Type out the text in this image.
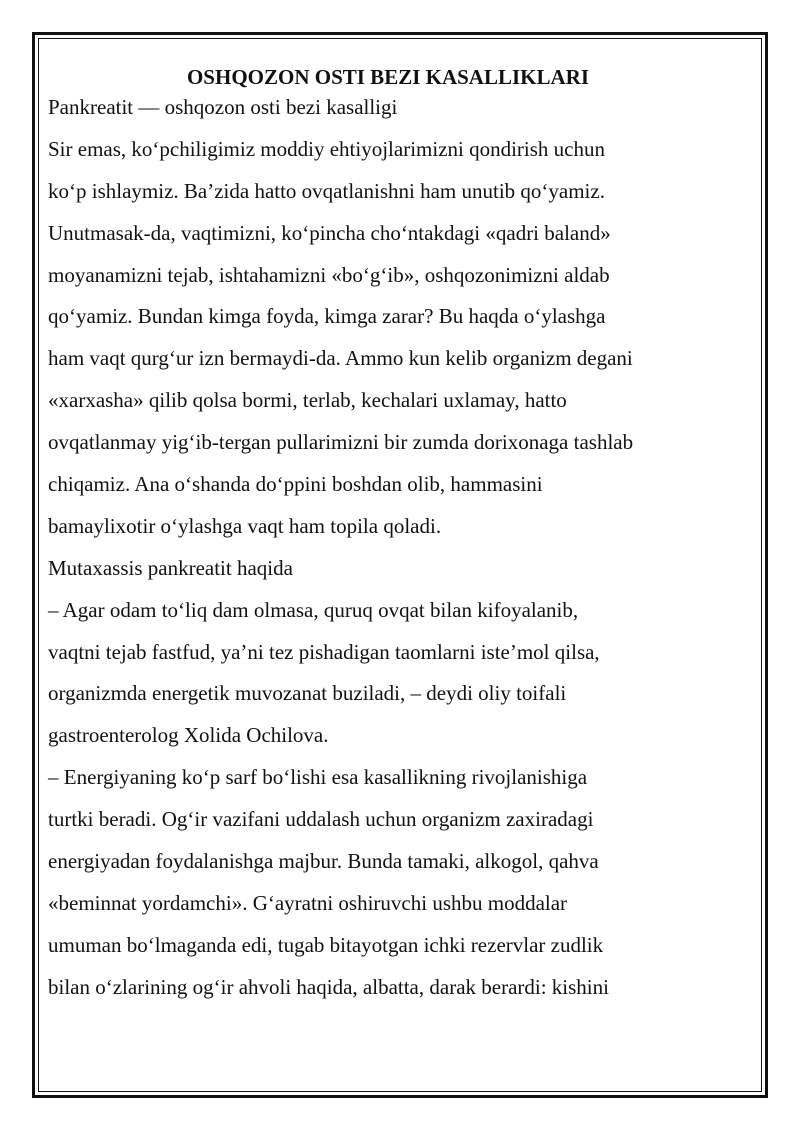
OSHQOZON OSTI BEZI KASALLIKLARI

Pankreatit — oshqozon osti bezi kasalligi

Sir emas, ko‘pchiligimiz moddiy ehtiyojlarimizni qondirish uchun

ko‘p ishlaymiz. Ba’zida hatto ovqatlanishni ham unutib qo‘yamiz.

Unutmasak-da, vaqtimizni, ko‘pincha cho‘ntakdagi «qadri baland»

moyanamizni tejab, ishtahamizni «bo‘g‘ib», oshqozonimizni aldab

qo‘yamiz. Bundan kimga foyda, kimga zarar? Bu haqda o‘ylashga

ham vaqt qurg‘ur izn bermaydi-da. Ammo kun kelib organizm degani

«xarxasha» qilib qolsa bormi, terlab, kechalari uxlamay, hatto

ovqatlanmay yig‘ib-tergan pullarimizni bir zumda dorixonaga tashlab

chiqamiz. Ana o‘shanda do‘ppini boshdan olib, hammasini

bamaylixotir o‘ylashga vaqt ham topila qoladi.

Mutaxassis pankreatit haqida

– Agar odam to‘liq dam olmasa, quruq ovqat bilan kifoyalanib,

vaqtni tejab fastfud, ya’ni tez pishadigan taomlarni iste’mol qilsa,

organizmda energetik muvozanat buziladi, – deydi oliy toifali

gastroenterolog Xolida Ochilova.

– Energiyaning ko‘p sarf bo‘lishi esa kasallikning rivojlanishiga

turtki beradi. Og‘ir vazifani uddalash uchun organizm zaxiradagi

energiyadan foydalanishga majbur. Bunda tamaki, alkogol, qahva

«beminnat yordamchi». G‘ayratni oshiruvchi ushbu moddalar

umuman bo‘lmaganda edi, tugab bitayotgan ichki rezervlar zudlik

bilan o‘zlarining og‘ir ahvoli haqida, albatta, darak berardi: kishini
